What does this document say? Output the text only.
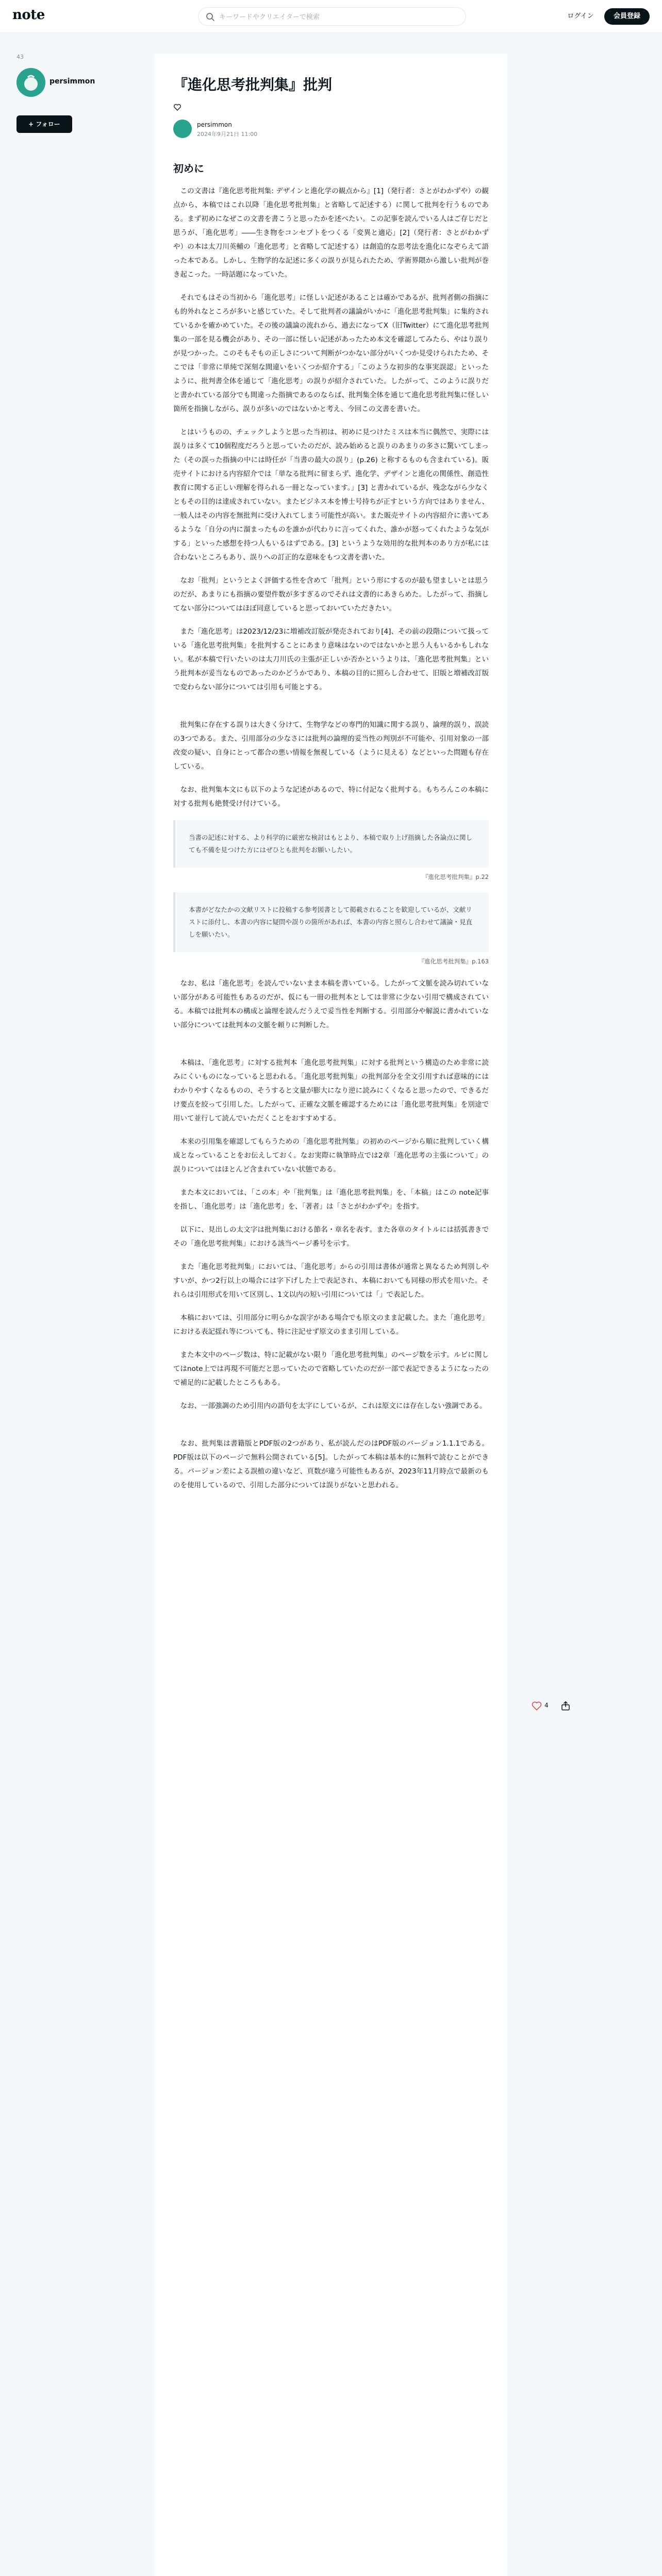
note
キーワードやクリエイターで検索	ログイン	会員登録
43
persimmon
+ フォロー
『進化思考批判集』批判
persimmon
2024年9月21日 11:00
初めに

この文書は『進化思考批判集: デザインと進化学の観点から』[1]（発行者：さとがわかずや）の観点から、本稿ではこれ以降「進化思考批判集」と省略して記述する）に関して批判を行うものである。まず初めになぜこの文書を書こうと思ったかを述べたい。この記事を読んでいる人はご存じだと思うが、「進化思考」――生き物をコンセプトをつくる「変異と適応」[2]（発行者：さとがわかずや）の本は太刀川英輔の「進化思考」と省略して記述する）は創造的な思考法を進化になぞらえて語った本である。しかし、生物学的な記述に多くの誤りが見られたため、学術界隈から激しい批判が巻き起こった。一時話題になっていた。

それでもはその当初から「進化思考」に怪しい記述があることは確かであるが、批判者側の指摘にも的外れなところが多いと感じていた。そして批判者の議論がいかに「進化思考批判集」に集約されているかを確かめていた。その後の議論の流れから、過去になってX（旧Twitter）にて進化思考批判集の一部を見る機会があり、その一部に怪しい記述があったため本文を確認してみたら、やはり誤りが見つかった。このそもそもの正しさについて判断がつかない部分がいくつか見受けられたため、そこでは「非常に単純で深刻な間違いをいくつか紹介する」「このような初歩的な事実誤認」といったように、批判書全体を通じて「進化思考」の誤りが紹介されていた。したがって、このように誤りだと書かれている部分でも間違った指摘であるのならば、批判集全体を通じて進化思考批判集に怪しい箇所を指摘しながら、誤りが多いのではないかと考え、今回この文書を書いた。

とはいうものの、チェックしようと思った当初は、初めに見つけたミスは本当に偶然で、実際には誤りは多くて10個程度だろうと思っていたのだが、読み始めると誤りのあまりの多さに驚いてしまった（その誤った指摘の中には時任が「当書の最大の誤り」(p.26) と称するものも含まれている)。販売サイトにおける内容紹介では「単なる批判に留まらず、進化学、デザインと進化の関係性、創造性教育に関する正しい理解を得られる一冊となっています。」[3] と書かれているが、残念ながら少なくともその目的は達成されていない。またビジネス本を博士号持ちが正すという方向ではありません、一般人はその内容を無批判に受け入れてしまう可能性が高い。また販売サイトの内容紹介に書いてあるような「自分の内に溜まったものを誰かが代わりに言ってくれた、誰かが怒ってくれたような気がする」といった感想を持つ人もいるはずである。[3] というような効用的な批判本のあり方が私には合わないところもあり、誤りへの訂正的な意味をもつ文書を書いた。

なお「批判」というとよく評価する性を含めて「批判」という形にするのが最も望ましいとは思うのだが、あまりにも指摘の要望件数が多すぎるのでそれは文書的にあきらめた。したがって、指摘してない部分についてはほぼ同意していると思っておいていただきたい。

また「進化思考」は2023/12/23に増補改訂版が発売されており[4]、その前の段階について扱っている「進化思考批判集」を批判することにあまり意味はないのではないかと思う人もいるかもしれない。私が本稿で行いたいのは太刀川氏の主張が正しいか否かというよりは、「進化思考批判集」という批判本が妥当なものであったのかどうかであり、本稿の目的に照らし合わせて、旧版と増補改訂版で変わらない部分については引用も可能とする。

批判集に存在する誤りは大きく分けて、生物学などの専門的知識に関する誤り、論理的誤り、誤読の3つである。また、引用部分の少なさには批判の論理的妥当性の判別が不可能や、引用対象の一部改変の疑い、自身にとって都合の悪い情報を無視している（ように見える）などといった問題も存在している。

なお、批判集本文にも以下のような記述があるので、特に付記なく批判する。もちろんこの本稿に対する批判も絶賛受け付けている。

当書の記述に対する、より科学的に厳密な検討はもとより、本稿で取り上げ指摘した各論点に関しても不備を見つけた方にはぜひとも批判をお願いしたい。
『進化思考批判集』p.22
本書がどなたかの文献リストに投稿する参考図書として掲載されることを歓迎しているが、文献リストに添付し、本書の内容に疑問や誤りの箇所があれば、本書の内容と照らし合わせて議論・見直しを願いたい。
『進化思考批判集』p.163

なお、私は「進化思考」を読んでいないまま本稿を書いている。したがって文脈を読み切れていない部分がある可能性もあるのだが、仮にも一冊の批判本としては非常に少ない引用で構成されている。本稿では批判本の構成と論理を読んだうえで妥当性を判断する。引用部分や解説に書かれていない部分については批判本の文脈を頼りに判断した。

本稿は、「進化思考」に対する批判本「進化思考批判集」に対する批判という構造のため非常に読みにくいものになっていると思われる。「進化思考批判集」の批判部分を全文引用すれば意味的にはわかりやすくなるものの、そうすると文量が膨大になり逆に読みにくくなると思ったので、できるだけ要点を絞って引用した。したがって、正確な文脈を確認するためには「進化思考批判集」を別途で用いて並行して読んでいただくことをおすすめする。

本来の引用集を確認してもらうための「進化思考批判集」の初めのページから順に批判していく構成となっていることをお伝えしておく。なお実際に執筆時点では2章「進化思考の主張について」の誤りについてはほとんど含まれていない状態である。

また本文においては、「この本」や「批判集」は「進化思考批判集」を、「本稿」はこの note記事を指し、「進化思考」は「進化思考」を、「著者」は「さとがわかずや」を指す。

以下に、見出しの太文字は批判集における節名・章名を表す。また各章のタイトルには括弧書きでその「進化思考批判集」における該当ページ番号を示す。

また「進化思考批判集」においては、「進化思考」からの引用は書体が通常と異なるため判別しやすいが、かつ2行以上の場合には字下げした上で表記され、本稿においても同様の形式を用いた。それらは引用形式を用いて区別し、1文以内の短い引用については「」で表記した。

本稿においては、引用部分に明らかな誤字がある場合でも原文のまま記載した。また「進化思考」における表記揺れ等についても、特に注記せず原文のまま引用している。

また本文中のページ数は、特に記載がない限り「進化思考批判集」のページ数を示す。ルビに関してはnote上では再現不可能だと思っていたので省略していたのだが一部で表記できるようになったので補足的に記載したところもある。

なお、一部強調のため引用内の語句を太字にしているが、これは原文には存在しない強調である。

なお、批判集は書籍版とPDF版の2つがあり、私が読んだのはPDF版のバージョン1.1.1である。PDF版は以下のページで無料公開されている[5]。したがって本稿は基本的に無料で読むことができる。バージョン差による誤植の違いなど、頁数が違う可能性もあるが、2023年11月時点で最新のものを使用しているので、引用した部分については誤りがないと思われる。

4
